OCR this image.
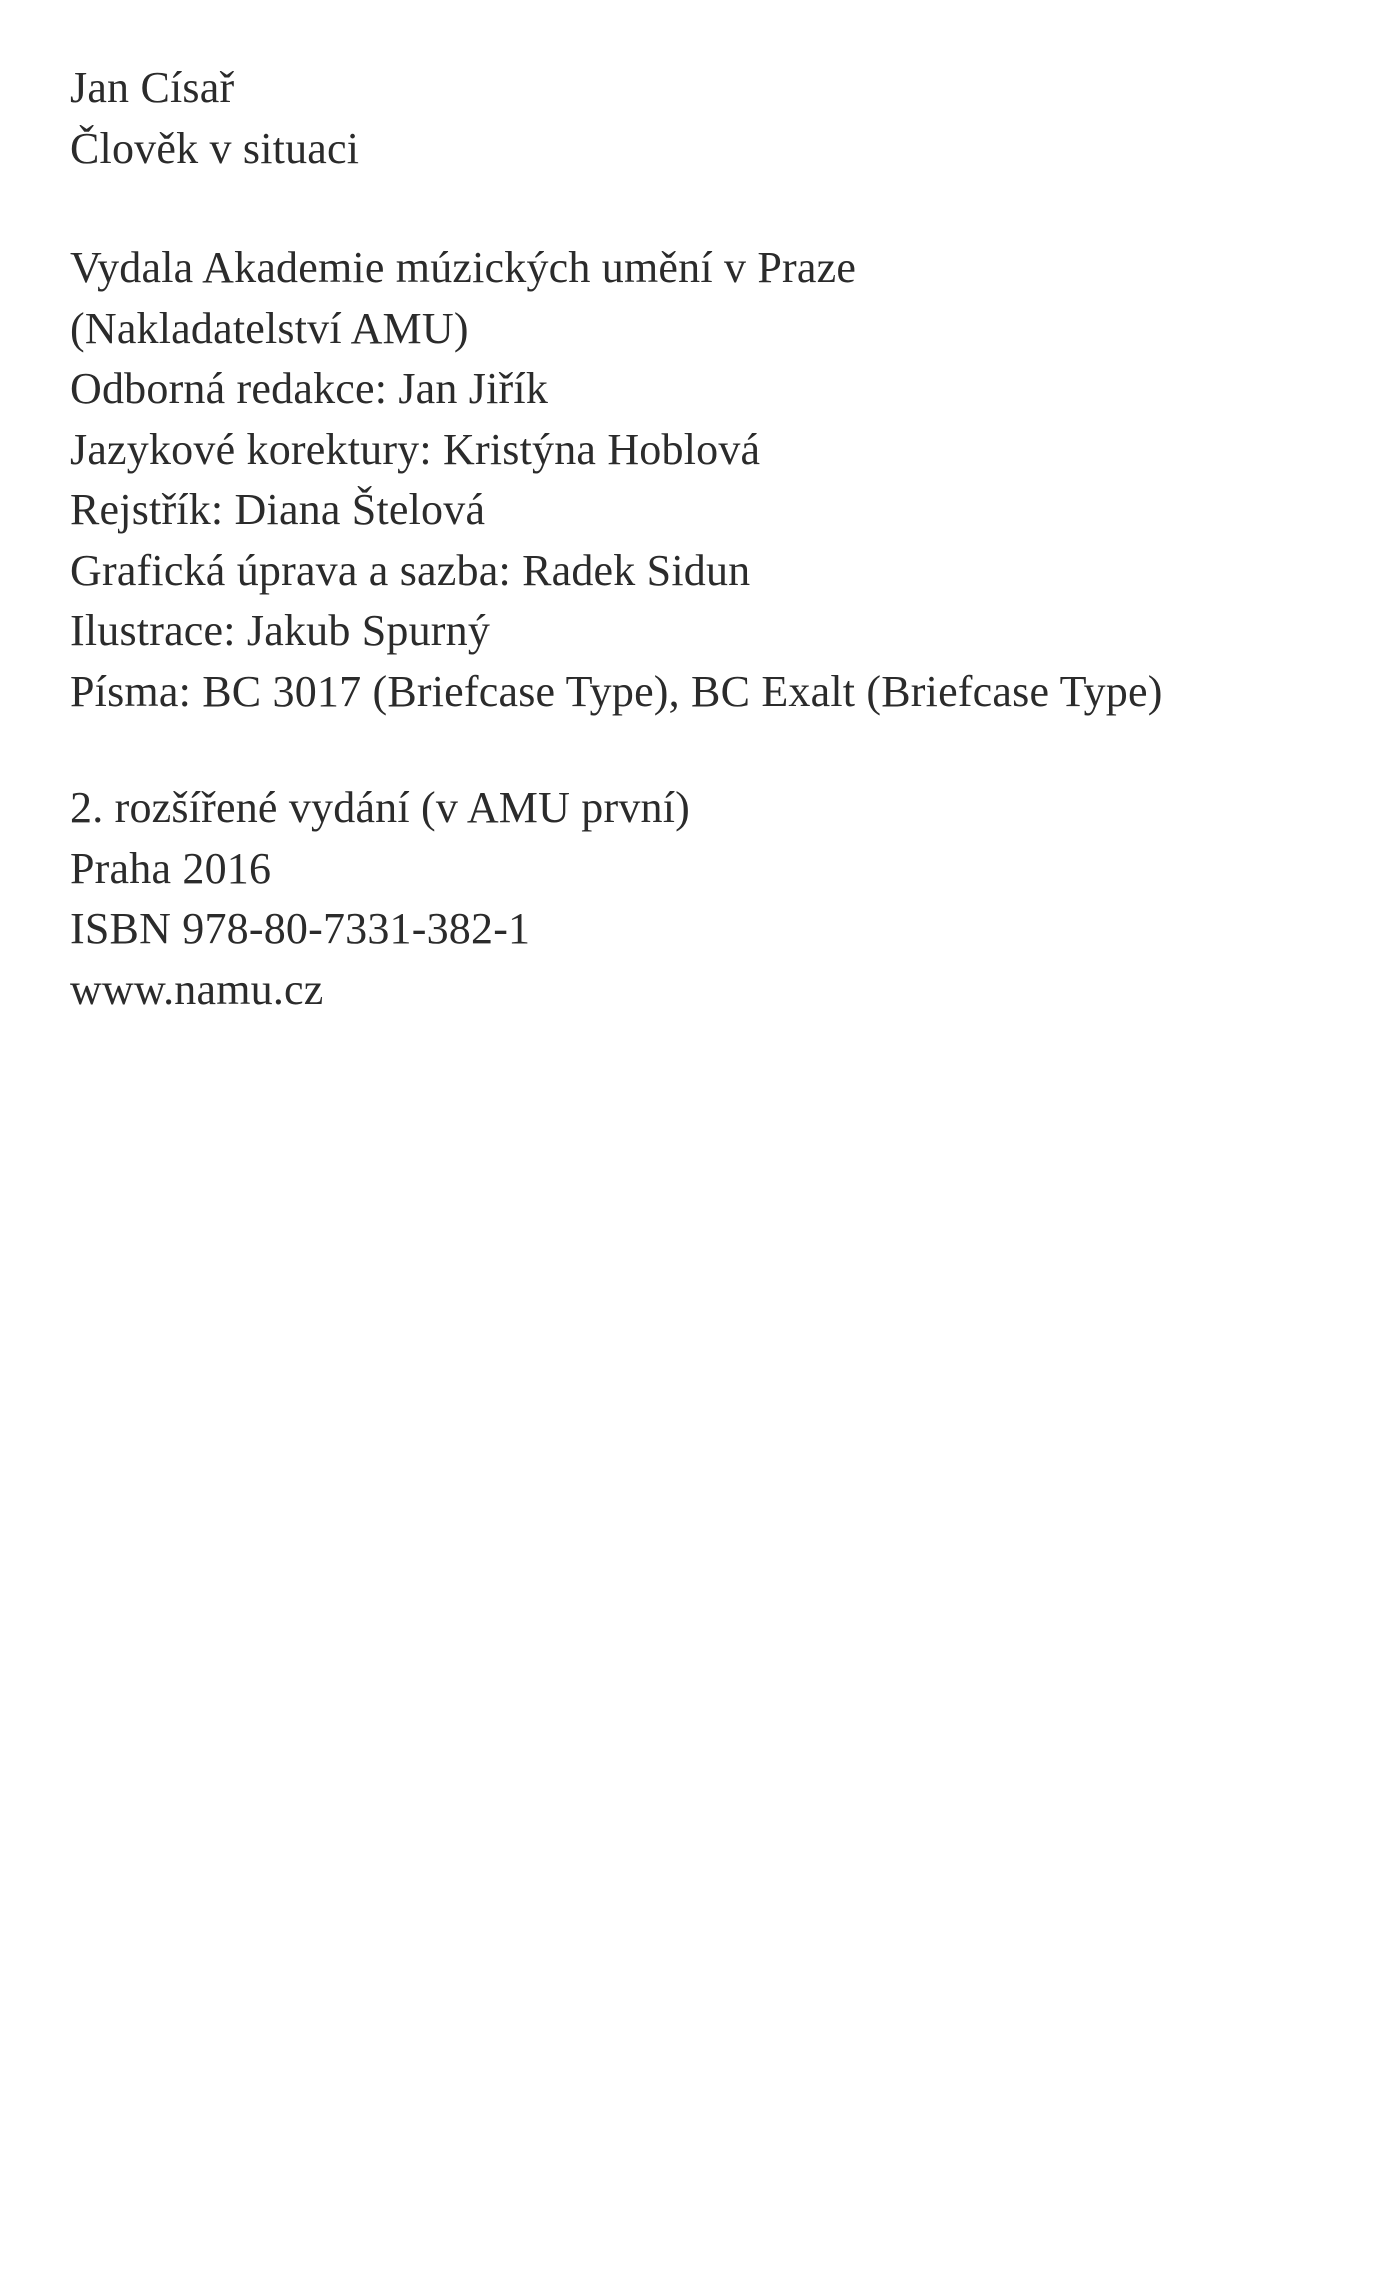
Jan Císař
Člověk v situaci
Vydala Akademie múzických umění v Praze
(Nakladatelství AMU)
Odborná redakce: Jan Jiřík
Jazykové korektury: Kristýna Hoblová
Rejstřík: Diana Štelová
Grafická úprava a sazba: Radek Sidun
Ilustrace: Jakub Spurný
Písma: BC 3017 (Briefcase Type), BC Exalt (Briefcase Type)
2. rozšířené vydání (v AMU první)
Praha 2016
ISBN 978-80-7331-382-1
www.namu.cz
